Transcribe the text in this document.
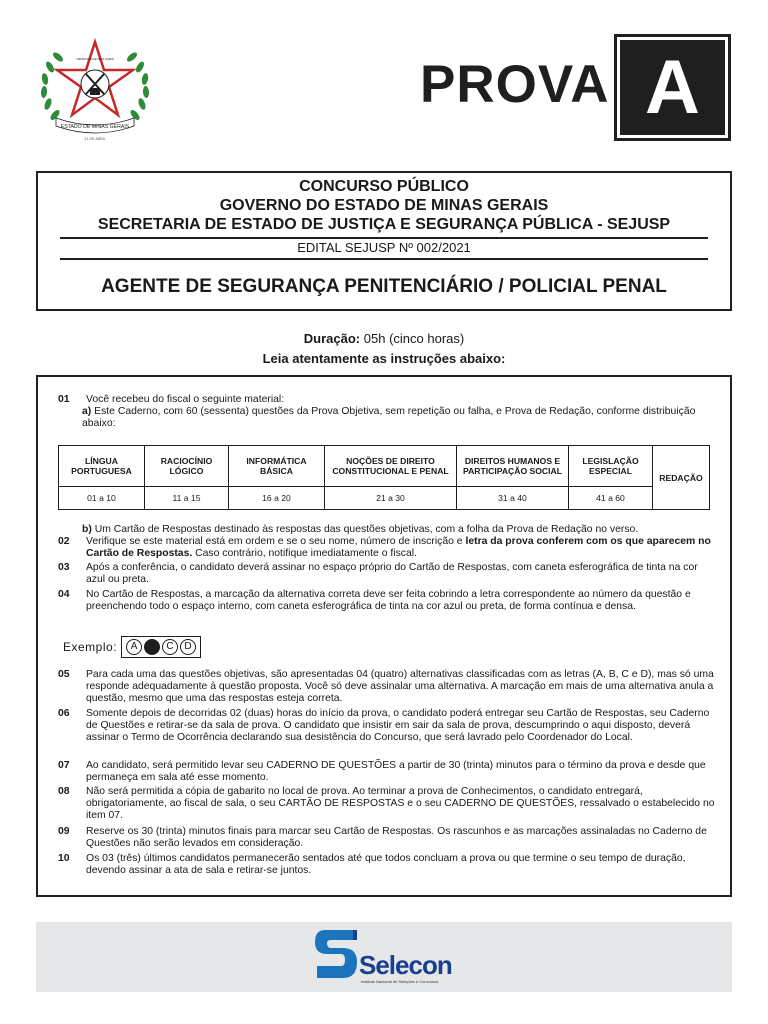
ESTADO DE MINAS GERAIS
21 DE ABRIL
LIBERTAS QUAE SERA TAMEN	PROVA A
CONCURSO PÚBLICO
GOVERNO DO ESTADO DE MINAS GERAIS
SECRETARIA DE ESTADO DE JUSTIÇA E SEGURANÇA PÚBLICA - SEJUSP
EDITAL SEJUSP Nº 002/2021
AGENTE DE SEGURANÇA PENITENCIÁRIO / POLICIAL PENAL
Duração: 05h (cinco horas)
Leia atentamente as instruções abaixo:
01 Você recebeu do fiscal o seguinte material:
a) Este Caderno, com 60 (sessenta) questões da Prova Objetiva, sem repetição ou falha, e Prova de Redação, conforme distribuição abaixo:
LÍNGUA PORTUGUESA	RACIOCÍNIO LÓGICO	INFORMÁTICA BÁSICA	NOÇÕES DE DIREITO CONSTITUCIONAL E PENAL	DIREITOS HUMANOS E PARTICIPAÇÃO SOCIAL	LEGISLAÇÃO ESPECIAL	REDAÇÃO
01 a 10	11 a 15	16 a 20	21 a 30	31 a 40	41 a 60	
b) Um Cartão de Respostas destinado às respostas das questões objetivas, com a folha da Prova de Redação no verso.
02 Verifique se este material está em ordem e se o seu nome, número de inscrição e letra da prova conferem com os que aparecem no Cartão de Respostas. Caso contrário, notifique imediatamente o fiscal.
03 Após a conferência, o candidato deverá assinar no espaço próprio do Cartão de Respostas, com caneta esferográfica de tinta na cor azul ou preta.
04 No Cartão de Respostas, a marcação da alternativa correta deve ser feita cobrindo a letra correspondente ao número da questão e preenchendo todo o espaço interno, com caneta esferográfica de tinta na cor azul ou preta, de forma contínua e densa.
Exemplo:	A	C	D
05 Para cada uma das questões objetivas, são apresentadas 04 (quatro) alternativas classificadas com as letras (A, B, C e D), mas só uma responde adequadamente à questão proposta. Você só deve assinalar uma alternativa. A marcação em mais de uma alternativa anula a questão, mesmo que uma das respostas esteja correta.
06 Somente depois de decorridas 02 (duas) horas do início da prova, o candidato poderá entregar seu Cartão de Respostas, seu Caderno de Questões e retirar-se da sala de prova. O candidato que insistir em sair da sala de prova, descumprindo o aqui disposto, deverá assinar o Termo de Ocorrência declarando sua desistência do Concurso, que será lavrado pelo Coordenador do Local.
07 Ao candidato, será permitido levar seu CADERNO DE QUESTÕES a partir de 30 (trinta) minutos para o término da prova e desde que permaneça em sala até esse momento.
08 Não será permitida a cópia de gabarito no local de prova. Ao terminar a prova de Conhecimentos, o candidato entregará, obrigatoriamente, ao fiscal de sala, o seu CARTÃO DE RESPOSTAS e o seu CADERNO DE QUESTÕES, ressalvado o estabelecido no item 07.
09 Reserve os 30 (trinta) minutos finais para marcar seu Cartão de Respostas. Os rascunhos e as marcações assinaladas no Caderno de Questões não serão levados em consideração.
10 Os 03 (três) últimos candidatos permanecerão sentados até que todos concluam a prova ou que termine o seu tempo de duração, devendo assinar a ata de sala e retirar-se juntos.
Selecon
Instituto Nacional de Seleções e Concursos
